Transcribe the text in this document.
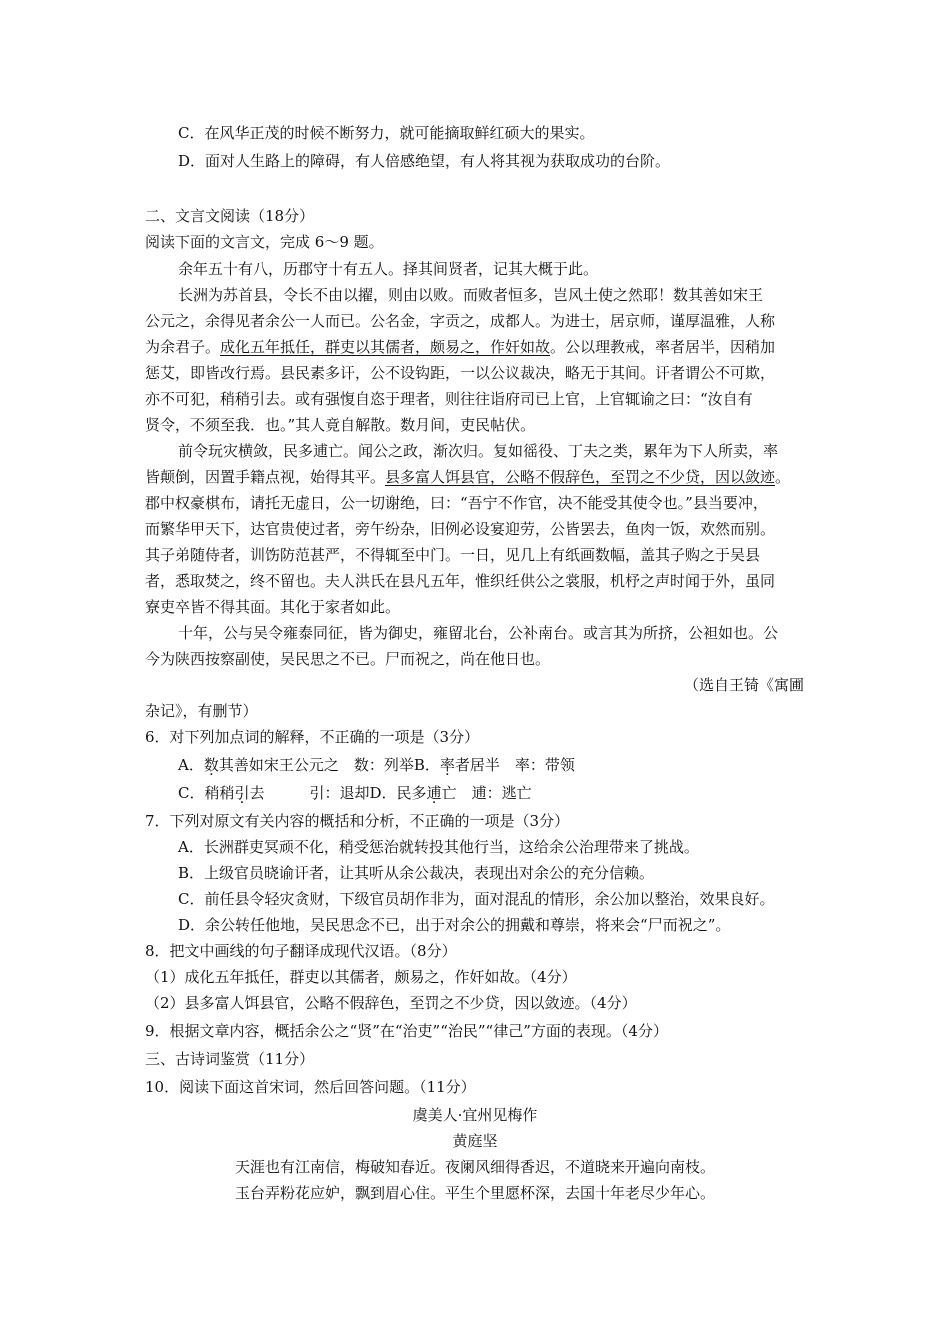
C．在风华正茂的时候不断努力，就可能摘取鲜红硕大的果实。
D．面对人生路上的障碍，有人倍感绝望，有人将其视为获取成功的台阶。
二、文言文阅读（18分）
阅读下面的文言文，完成 6～9 题。
余年五十有八，历郡守十有五人。择其间贤者，记其大概于此。
长洲为苏首县，令长不由以擢，则由以败。而败者恒多，岂风土使之然耶！数其善如宋王
公元之，余得见者余公一人而已。公名金，字贡之，成都人。为进士，居京师，谨厚温雅，人称
为余君子。成化五年抵任，群吏以其儒者，颇易之，作奸如故。公以理教戒，率者居半，因稍加
惩艾，即皆改行焉。县民素多讦，公不设钩距，一以公议裁决，略无于其间。讦者谓公不可欺，
亦不可犯，稍稍引去。或有强愎自恣于理者，则往往诣府司已上官，上官辄谕之曰：“汝自有
贤令，不须至我．也。”其人竟自解散。数月间，吏民帖伏。
前令玩灾横敛，民多逋亡。闻公之政，渐次归。复如徭役、丁夫之类，累年为下人所卖，率
皆颠倒，因置手籍点视，始得其平。县多富人饵县官，公略不假辞色，至罚之不少贷，因以敛迹。
郡中权豪棋布，请托无虚日，公一切谢绝，曰：“吾宁不作官，决不能受其使令也。”县当要冲，
而繁华甲天下，达官贵使过者，旁午纷杂，旧例必设宴迎劳，公皆罢去，鱼肉一饭，欢然而别。
其子弟随侍者，训饬防范甚严，不得辄至中门。一日，见几上有纸画数幅，盖其子购之于吴县
者，悉取焚之，终不留也。夫人洪氏在县凡五年，惟织纴供公之裳服，机杼之声时闻于外，虽同
寮吏卒皆不得其面。其化于家者如此。
十年，公与吴令雍泰同征，皆为御史，雍留北台，公补南台。或言其为所挤，公袒如也。公
今为陕西按察副使，吴民思之不已。尸而祝之，尚在他日也。
（选自王锜《寓圃
杂记》，有删节）
6．对下列加点词的解释，不正确的一项是（3分）
A．数其善如宋王公元之　数：列举B．率者居半　率：带领
C．稍稍引去　　　引：退却D．民多逋亡　逋：逃亡
7．下列对原文有关内容的概括和分析，不正确的一项是（3分）
A．长洲群吏冥顽不化，稍受惩治就转投其他行当，这给余公治理带来了挑战。
B．上级官员晓谕讦者，让其听从余公裁决，表现出对余公的充分信赖。
C．前任县令轻灾贪财，下级官员胡作非为，面对混乱的情形，余公加以整治，效果良好。
D．余公转任他地，吴民思念不已，出于对余公的拥戴和尊崇，将来会“尸而祝之”。
8．把文中画线的句子翻译成现代汉语。（8分）
（1）成化五年抵任，群吏以其儒者，颇易之，作奸如故。（4分）
（2）县多富人饵县官，公略不假辞色，至罚之不少贷，因以敛迹。（4分）
9．根据文章内容，概括余公之“贤”在“治吏”“治民”“律己”方面的表现。（4分）
三、古诗词鉴赏（11分）
10．阅读下面这首宋词，然后回答问题。（11分）
虞美人·宜州见梅作
黄庭坚
天涯也有江南信，梅破知春近。夜阑风细得香迟，不道晓来开遍向南枝。
玉台弄粉花应妒，飘到眉心住。平生个里愿杯深，去国十年老尽少年心。
